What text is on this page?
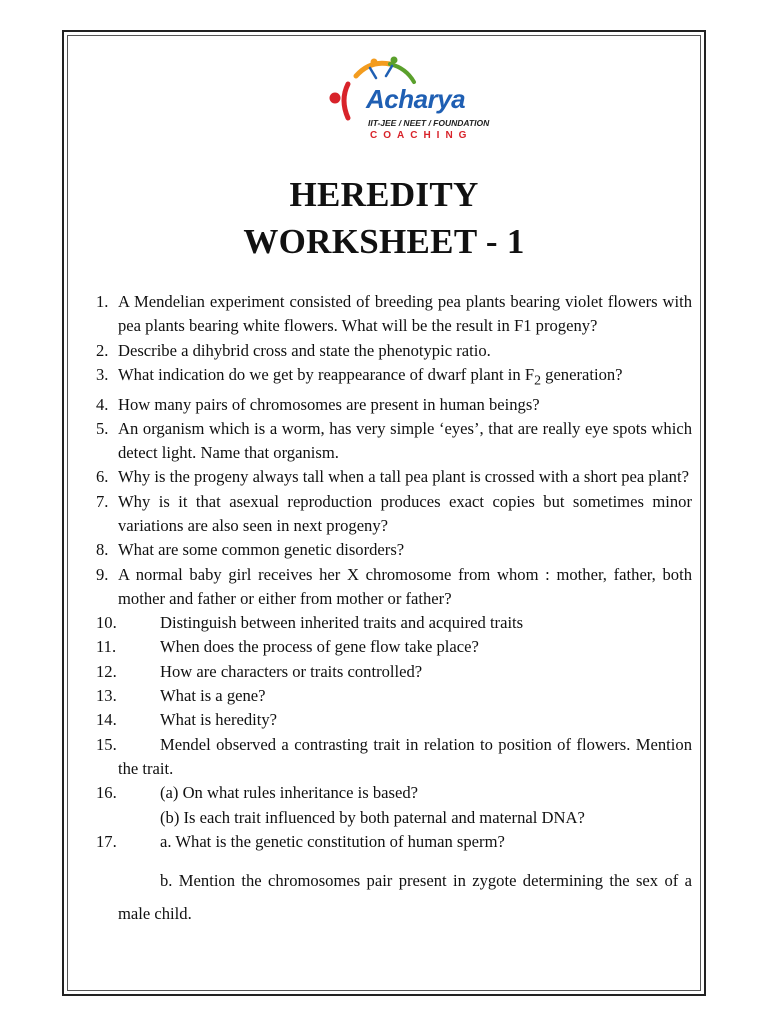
Acharya
IIT-JEE / NEET / FOUNDATION
COACHING
HEREDITY
WORKSHEET - 1
1. A Mendelian experiment consisted of breeding pea plants bearing violet flowers with pea plants bearing white flowers. What will be the result in F1 progeny?
2. Describe a dihybrid cross and state the phenotypic ratio.
3. What indication do we get by reappearance of dwarf plant in $F_2$ generation?
4. How many pairs of chromosomes are present in human beings?
5. An organism which is a worm, has very simple ‘eyes’, that are really eye spots which detect light. Name that organism.
6. Why is the progeny always tall when a tall pea plant is crossed with a short pea plant?
7. Why is it that asexual reproduction produces exact copies but sometimes minor variations are also seen in next progeny?
8. What are some common genetic disorders?
9. A normal baby girl receives her X chromosome from whom : mother, father, both mother and father or either from mother or father?
10.	Distinguish between inherited traits and acquired traits
11.	When does the process of gene flow take place?
12.	How are characters or traits controlled?
13.	What is a gene?
14.	What is heredity?
15.	Mendel observed a contrasting trait in relation to position of flowers. Mention the trait.
16.	(a) On what rules inheritance is based?
(b) Is each trait influenced by both paternal and maternal DNA?
17.	a. What is the genetic constitution of human sperm?
b. Mention the chromosomes pair present in zygote determining the sex of a male child.
